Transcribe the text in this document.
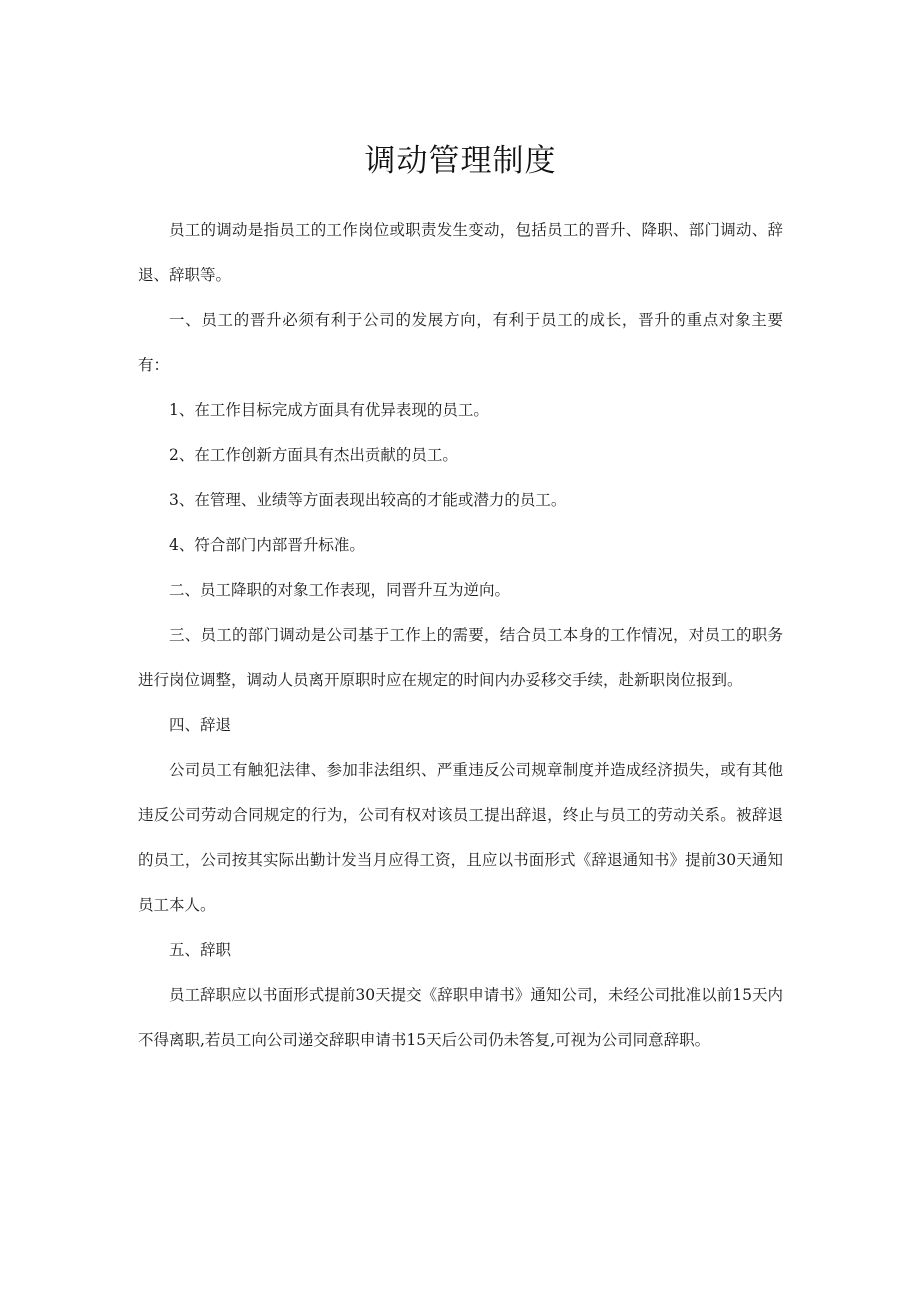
调动管理制度

员工的调动是指员工的工作岗位或职责发生变动，包括员工的晋升、降职、部门调动、辞退、辞职等。

一、员工的晋升必须有利于公司的发展方向，有利于员工的成长，晋升的重点对象主要有：

1、在工作目标完成方面具有优异表现的员工。

2、在工作创新方面具有杰出贡献的员工。

3、在管理、业绩等方面表现出较高的才能或潜力的员工。

4、符合部门内部晋升标准。

二、员工降职的对象工作表现，同晋升互为逆向。

三、员工的部门调动是公司基于工作上的需要，结合员工本身的工作情况，对员工的职务进行岗位调整，调动人员离开原职时应在规定的时间内办妥移交手续，赴新职岗位报到。

四、辞退

公司员工有触犯法律、参加非法组织、严重违反公司规章制度并造成经济损失，或有其他违反公司劳动合同规定的行为，公司有权对该员工提出辞退，终止与员工的劳动关系。被辞退的员工，公司按其实际出勤计发当月应得工资，且应以书面形式《辞退通知书》提前30天通知员工本人。

五、辞职

员工辞职应以书面形式提前30天提交《辞职申请书》通知公司，未经公司批准以前15天内不得离职,若员工向公司递交辞职申请书15天后公司仍未答复,可视为公司同意辞职。
